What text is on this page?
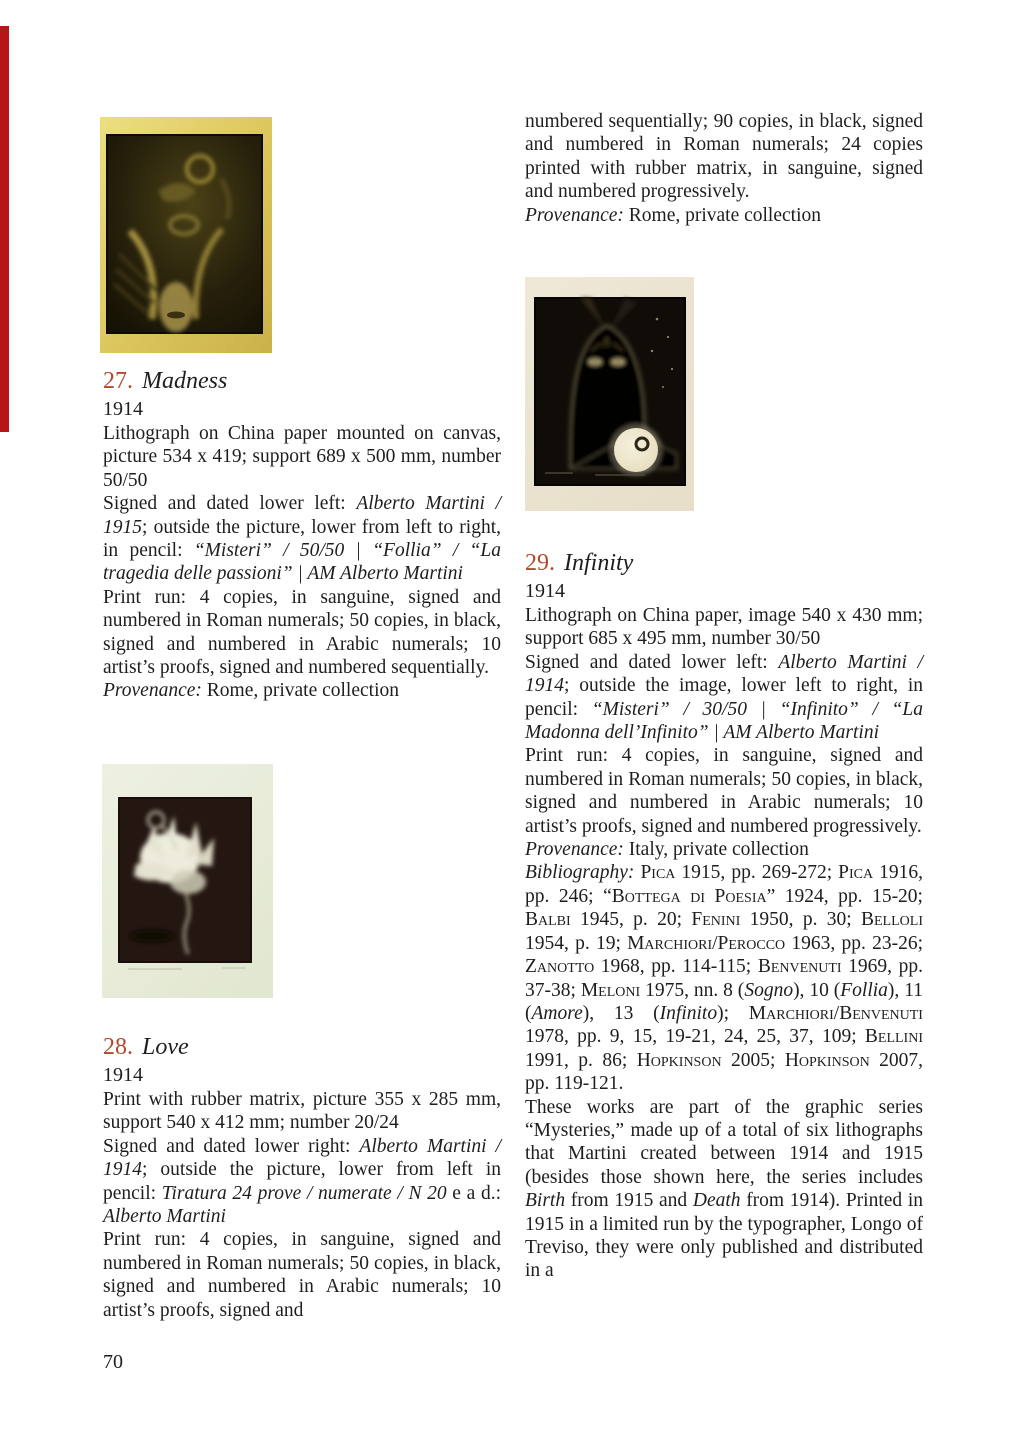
27. Madness
1914

Lithograph on China paper mounted on canvas, picture 534 x 419; support 689 x 500 mm, number 50/50

Signed and dated lower left: Alberto Martini / 1915; outside the picture, lower from left to right, in pencil: “Misteri” / 50/50 | “Follia” / “La tragedia delle passioni” | AM Alberto Martini

Print run: 4 copies, in sanguine, signed and numbered in Roman numerals; 50 copies, in black, signed and numbered in Arabic numerals; 10 artist’s proofs, signed and numbered sequentially.

Provenance: Rome, private collection

28. Love
1914

Print with rubber matrix, picture 355 x 285 mm, support 540 x 412 mm; number 20/24

Signed and dated lower right: Alberto Martini / 1914; outside the picture, lower from left in pencil: Tiratura 24 prove / numerate / N 20 e a d.: Alberto Martini

Print run: 4 copies, in sanguine, signed and numbered in Roman numerals; 50 copies, in black, signed and numbered in Arabic numerals; 10 artist’s proofs, signed and

70

numbered sequentially; 90 copies, in black, signed and numbered in Roman numerals; 24 copies printed with rubber matrix, in sanguine, signed and numbered progressively.

Provenance: Rome, private collection

29. Infinity
1914

Lithograph on China paper, image 540 x 430 mm; support 685 x 495 mm, number 30/50

Signed and dated lower left: Alberto Martini / 1914; outside the image, lower left to right, in pencil: “Misteri” / 30/50 | “Infinito” / “La Madonna dell’Infinito” | AM Alberto Martini

Print run: 4 copies, in sanguine, signed and numbered in Roman numerals; 50 copies, in black, signed and numbered in Arabic numerals; 10 artist’s proofs, signed and numbered progressively.

Provenance: Italy, private collection

Bibliography: Pica 1915, pp. 269-272; Pica 1916, pp. 246; “Bottega di Poesia” 1924, pp. 15-20; Balbi 1945, p. 20; Fenini 1950, p. 30; Belloli 1954, p. 19; Marchiori/Perocco 1963, pp. 23-26; Zanotto 1968, pp. 114-115; Benvenuti 1969, pp. 37-38; Meloni 1975, nn. 8 (Sogno), 10 (Follia), 11 (Amore), 13 (Infinito); Marchiori/Benvenuti 1978, pp. 9, 15, 19-21, 24, 25, 37, 109; Bellini 1991, p. 86; Hopkinson 2005; Hopkinson 2007, pp. 119-121.

These works are part of the graphic series “Mysteries,” made up of a total of six lithographs that Martini created between 1914 and 1915 (besides those shown here, the series includes Birth from 1915 and Death from 1914). Printed in 1915 in a limited run by the typographer, Longo of Treviso, they were only published and distributed in a
